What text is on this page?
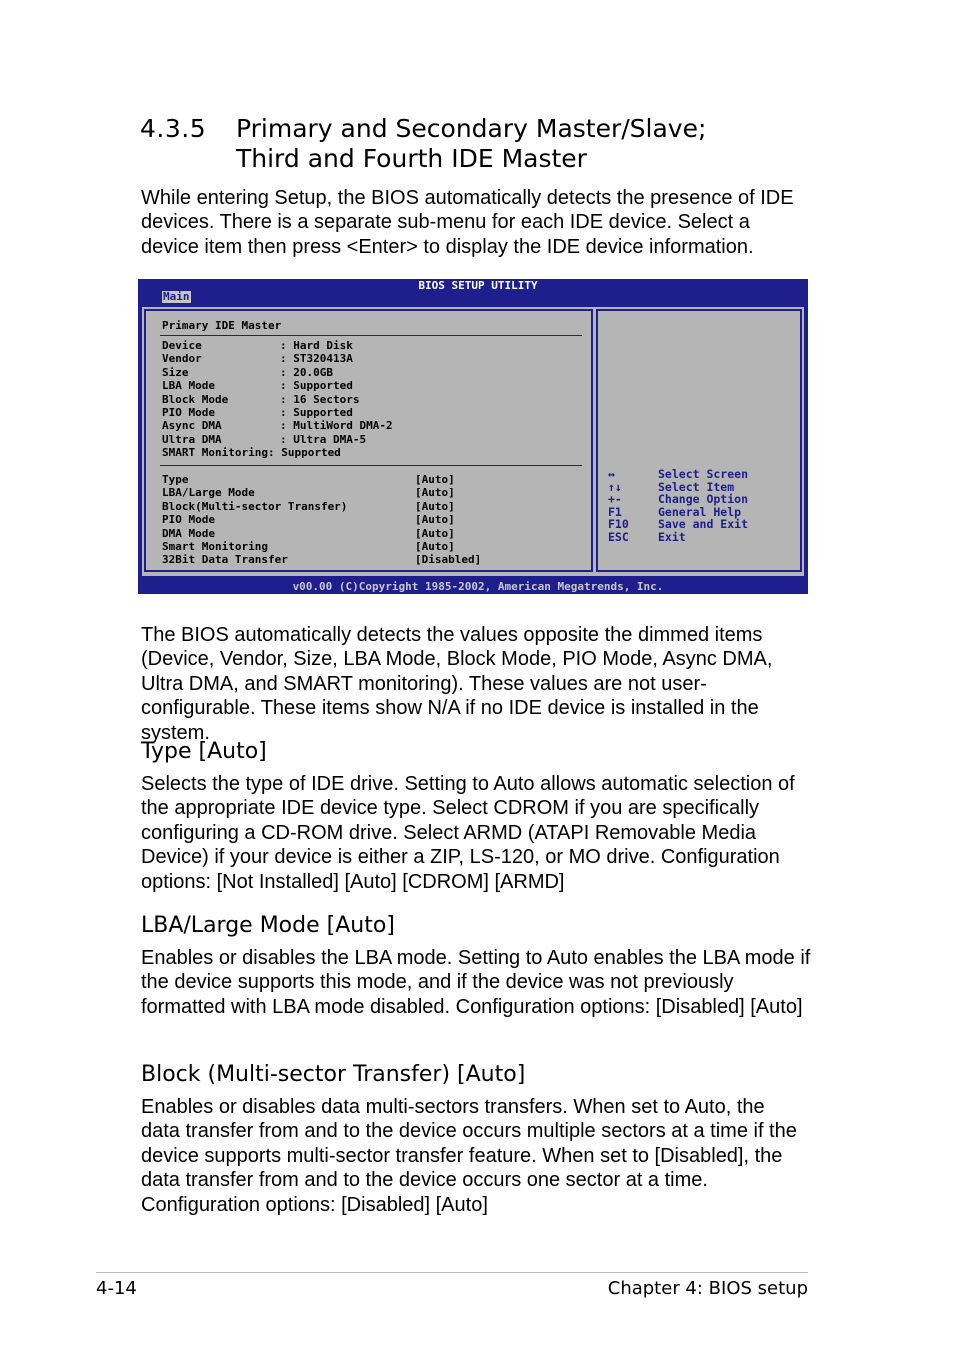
4.3.5 Primary and Secondary Master/Slave;
Third and Fourth IDE Master
While entering Setup, the BIOS automatically detects the presence of IDE devices. There is a separate sub-menu for each IDE device. Select a device item then press <Enter> to display the IDE device information.
BIOS SETUP UTILITY
Main
Primary IDE Master
Device	: Hard Disk
Vendor	: ST320413A
Size	: 20.0GB
LBA Mode	: Supported
Block Mode	: 16 Sectors
PIO Mode	: Supported
Async DMA	: MultiWord DMA-2
Ultra DMA	: Ultra DMA-5
SMART Monitoring: Supported
Type	[Auto]
LBA/Large Mode	[Auto]
Block(Multi-sector Transfer)	[Auto]
PIO Mode	[Auto]
DMA Mode	[Auto]
Smart Monitoring	[Auto]
32Bit Data Transfer	[Disabled]
↔	Select Screen
↑↓	Select Item
+-	Change Option
F1	General Help
F10	Save and Exit
ESC	Exit
v00.00 (C)Copyright 1985-2002, American Megatrends, Inc.
The BIOS automatically detects the values opposite the dimmed items (Device, Vendor, Size, LBA Mode, Block Mode, PIO Mode, Async DMA, Ultra DMA, and SMART monitoring). These values are not user-configurable. These items show N/A if no IDE device is installed in the system.
Type [Auto]
Selects the type of IDE drive. Setting to Auto allows automatic selection of the appropriate IDE device type. Select CDROM if you are specifically configuring a CD-ROM drive. Select ARMD (ATAPI Removable Media Device) if your device is either a ZIP, LS-120, or MO drive. Configuration options: [Not Installed] [Auto] [CDROM] [ARMD]
LBA/Large Mode [Auto]
Enables or disables the LBA mode. Setting to Auto enables the LBA mode if the device supports this mode, and if the device was not previously formatted with LBA mode disabled. Configuration options: [Disabled] [Auto]
Block (Multi-sector Transfer) [Auto]
Enables or disables data multi-sectors transfers. When set to Auto, the data transfer from and to the device occurs multiple sectors at a time if the device supports multi-sector transfer feature. When set to [Disabled], the data transfer from and to the device occurs one sector at a time. Configuration options: [Disabled] [Auto]
4-14	Chapter 4: BIOS setup
